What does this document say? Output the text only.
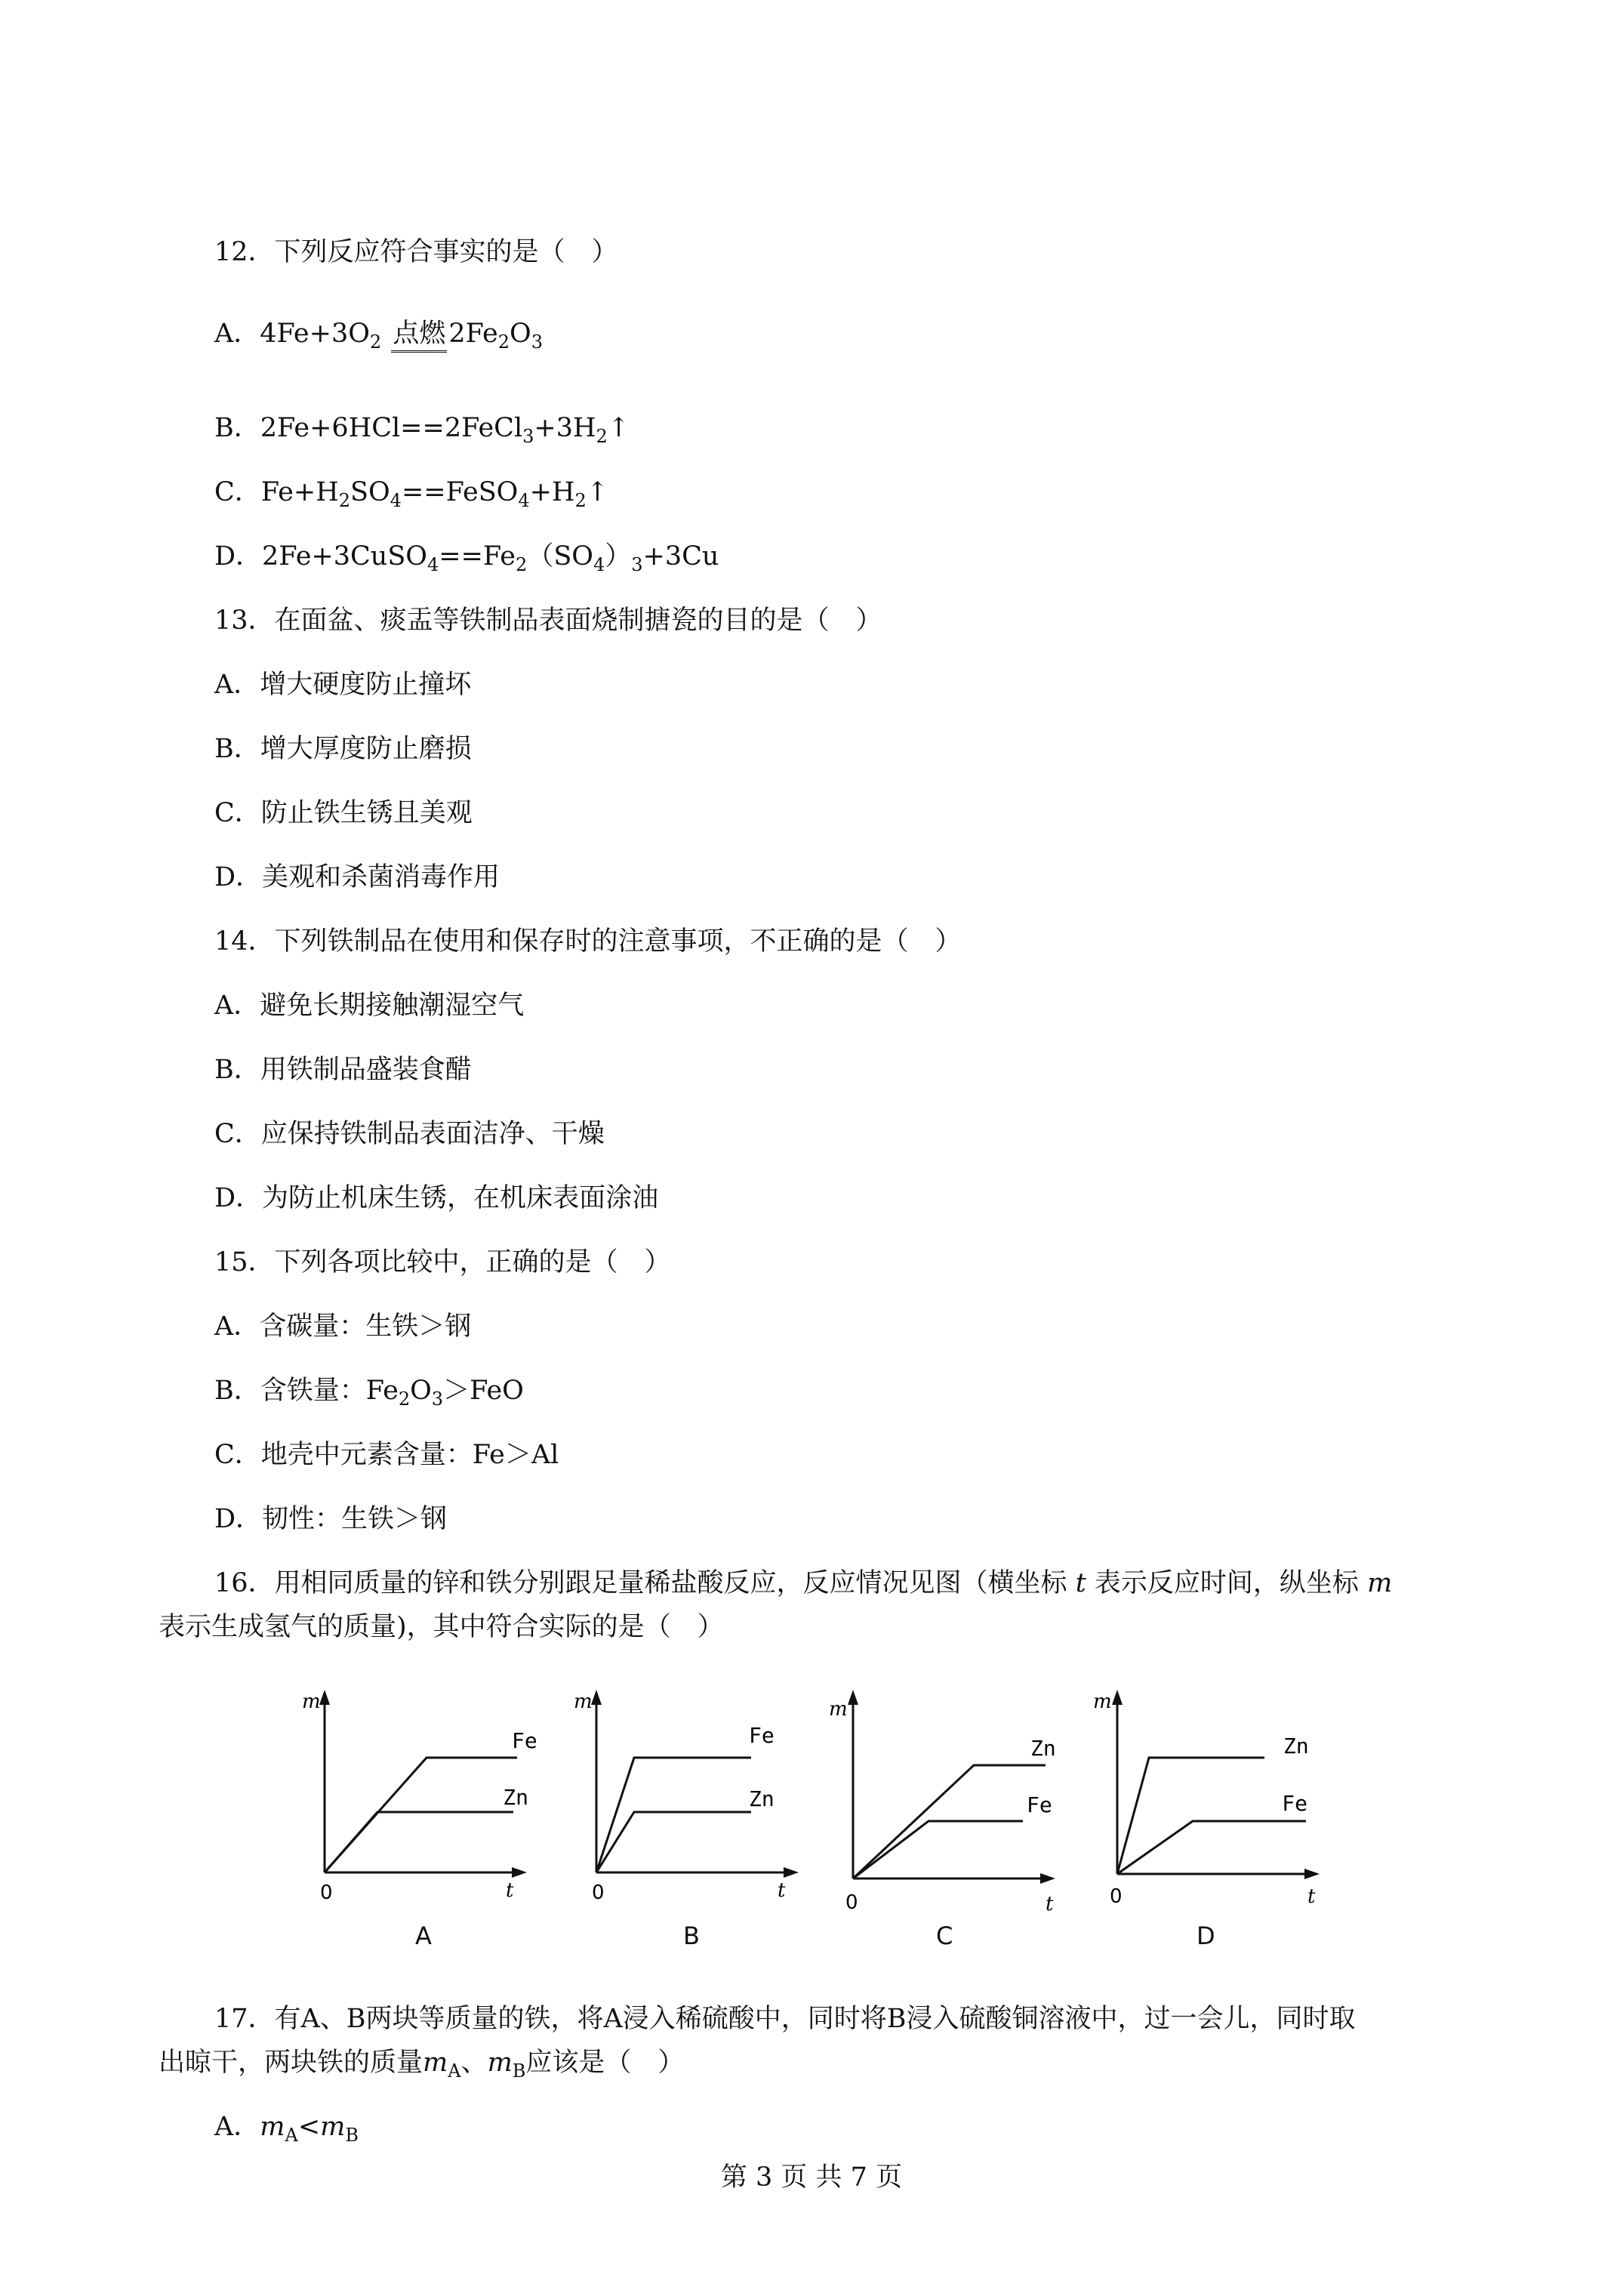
12．下列反应符合事实的是（　）
A．$4Fe+3O_2$ 点燃 $2Fe_2O_3$
B．$2Fe+6HCl==2FeCl_3+3H_2↑$
C．$Fe+H_2SO_4==FeSO_4+H_2↑$
D．$2Fe+3CuSO_4==Fe_2(SO_4)_3+3Cu$
13．在面盆、痰盂等铁制品表面烧制搪瓷的目的是（　）
A．增大硬度防止撞坏
B．增大厚度防止磨损
C．防止铁生锈且美观
D．美观和杀菌消毒作用
14．下列铁制品在使用和保存时的注意事项，不正确的是（　）
A．避免长期接触潮湿空气
B．用铁制品盛装食醋
C．应保持铁制品表面洁净、干燥
D．为防止机床生锈，在机床表面涂油
15．下列各项比较中，正确的是（　）
A．含碳量：生铁＞钢
B．含铁量：$Fe_2O_3>FeO$
C．地壳中元素含量：Fe＞Al
D．韧性：生铁＞钢
16．用相同质量的锌和铁分别跟足量稀盐酸反应，反应情况见图（横坐标 t 表示反应时间，纵坐标 m
表示生成氢气的质量)，其中符合实际的是（　）
m
t
0
Fe
Zn
A
m
t
0
Fe
Zn
B
m
t
0
Zn
Fe
C
m
t
0
Zn
Fe
D
17．有A、B两块等质量的铁，将A浸入稀硫酸中，同时将B浸入硫酸铜溶液中，过一会儿，同时取
出晾干，两块铁的质量$m_A$、$m_B$应该是（　）
A．$m_A<m_B$
第 3 页 共 7 页
